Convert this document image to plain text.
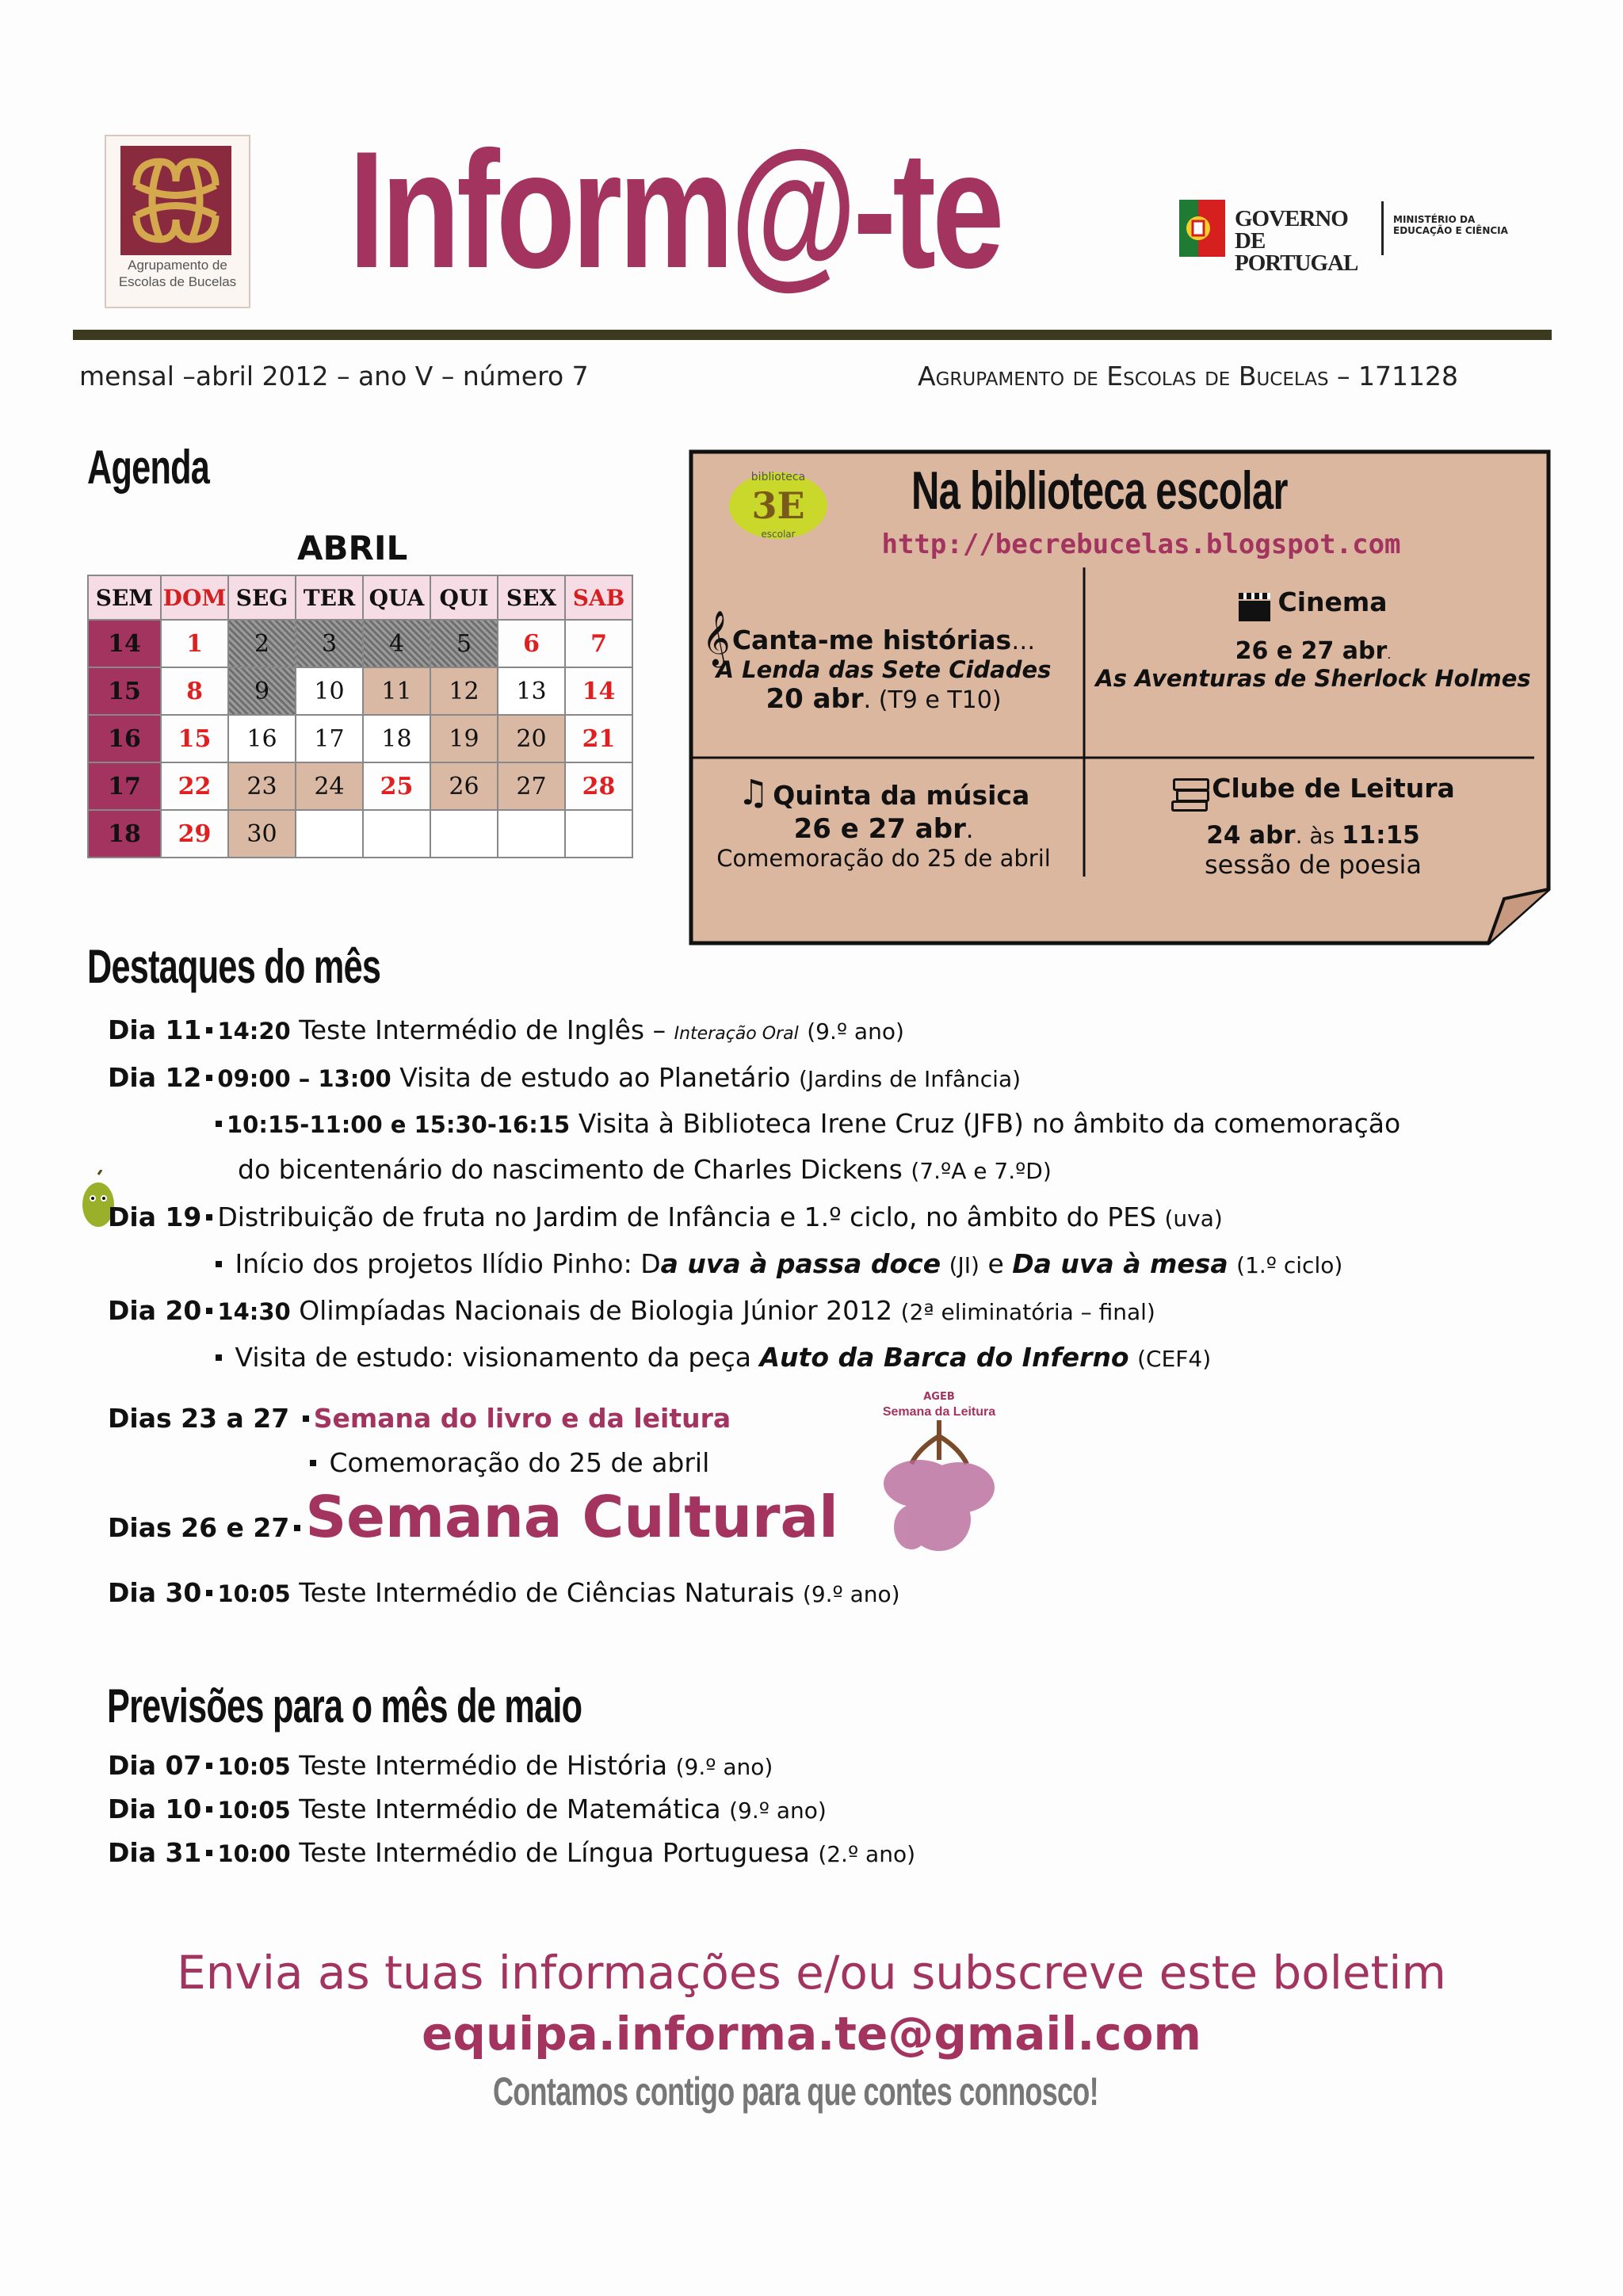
Agrupamento de Escolas de Bucelas Inform@-te	GOVERNO DE PORTUGAL
MINISTÉRIO DA EDUCAÇÃO E CIÊNCIA
mensal –abril 2012 – ano V – número 7	Agrupamento de Escolas de Bucelas – 171128
Agenda
ABRIL
SEM	DOM	SEG	TER	QUA	QUI	SEX	SAB
14	1	2	3	4	5	6	7
15	8	9	10	11	12	13	14
16	15	16	17	18	19	20	21
17	22	23	24	25	26	27	28
18	29	30					
biblioteca
3E
escolar
Na biblioteca escolar
http://becrebucelas.blogspot.com
𝄞 Canta-me histórias…
A Lenda das Sete Cidades
20 abr. (T9 e T10)
Cinema
26 e 27 abr.
As Aventuras de Sherlock Holmes
♫ Quinta da música
26 e 27 abr.
Comemoração do 25 de abril
Clube de Leitura
24 abr. às 11:15
sessão de poesia
Destaques do mês
Dia 11 14:20 Teste Intermédio de Inglês – Interação Oral (9.º ano)
Dia 12 09:00 – 13:00 Visita de estudo ao Planetário (Jardins de Infância)
10:15-11:00 e 15:30-16:15 Visita à Biblioteca Irene Cruz (JFB) no âmbito da comemoração
do bicentenário do nascimento de Charles Dickens (7.ºA e 7.ºD)
Dia 19 Distribuição de fruta no Jardim de Infância e 1.º ciclo, no âmbito do PES (uva)
Início dos projetos Ilídio Pinho: Da uva à passa doce (JI) e Da uva à mesa (1.º ciclo)
Dia 20 14:30 Olimpíadas Nacionais de Biologia Júnior 2012 (2ª eliminatória – final)
Visita de estudo: visionamento da peça Auto da Barca do Inferno (CEF4)
Dias 23 a 27 Semana do livro e da leitura
Comemoração do 25 de abril
Dias 26 e 27 Semana Cultural
AGEB
Semana da Leitura
Dia 30 10:05 Teste Intermédio de Ciências Naturais (9.º ano)
Previsões para o mês de maio
Dia 07 10:05 Teste Intermédio de História (9.º ano)
Dia 10 10:05 Teste Intermédio de Matemática (9.º ano)
Dia 31 10:00 Teste Intermédio de Língua Portuguesa (2.º ano)
Envia as tuas informações e/ou subscreve este boletim
equipa.informa.te@gmail.com
Contamos contigo para que contes connosco!
